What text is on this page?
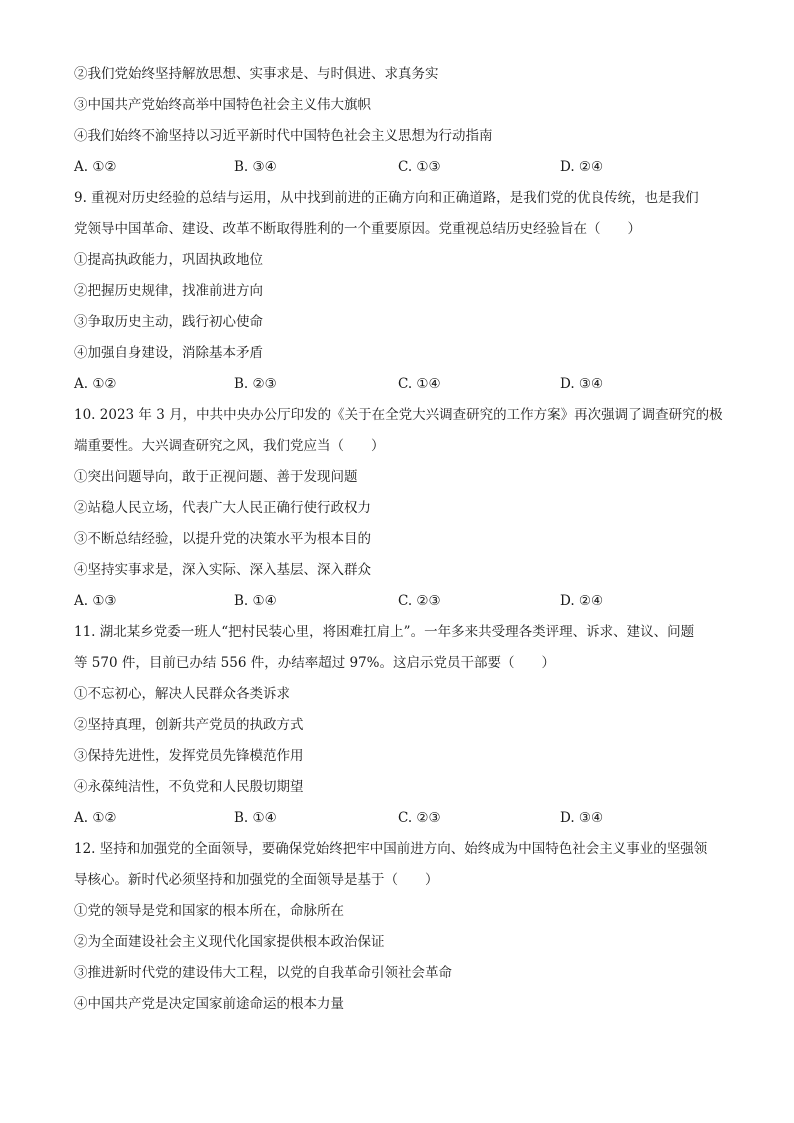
②我们党始终坚持解放思想、实事求是、与时俱进、求真务实
③中国共产党始终高举中国特色社会主义伟大旗帜
④我们始终不渝坚持以习近平新时代中国特色社会主义思想为行动指南
A. ①②	B. ③④	C. ①③	D. ②④
9. 重视对历史经验的总结与运用，从中找到前进的正确方向和正确道路，是我们党的优良传统，也是我们
党领导中国革命、建设、改革不断取得胜利的一个重要原因。党重视总结历史经验旨在（　　）
①提高执政能力，巩固执政地位
②把握历史规律，找准前进方向
③争取历史主动，践行初心使命
④加强自身建设，消除基本矛盾
A. ①②	B. ②③	C. ①④	D. ③④
10. 2023 年 3 月，中共中央办公厅印发的《关于在全党大兴调查研究的工作方案》再次强调了调查研究的极
端重要性。大兴调查研究之风，我们党应当（　　）
①突出问题导向，敢于正视问题、善于发现问题
②站稳人民立场，代表广大人民正确行使行政权力
③不断总结经验，以提升党的决策水平为根本目的
④坚持实事求是，深入实际、深入基层、深入群众
A. ①③	B. ①④	C. ②③	D. ②④
11. 湖北某乡党委一班人“把村民装心里，将困难扛肩上”。一年多来共受理各类评理、诉求、建议、问题
等 570 件，目前已办结 556 件，办结率超过 97%。这启示党员干部要（　　）
①不忘初心，解决人民群众各类诉求
②坚持真理，创新共产党员的执政方式
③保持先进性，发挥党员先锋模范作用
④永葆纯洁性，不负党和人民殷切期望
A. ①②	B. ①④	C. ②③	D. ③④
12. 坚持和加强党的全面领导，要确保党始终把牢中国前进方向、始终成为中国特色社会主义事业的坚强领
导核心。新时代必须坚持和加强党的全面领导是基于（　　）
①党的领导是党和国家的根本所在，命脉所在
②为全面建设社会主义现代化国家提供根本政治保证
③推进新时代党的建设伟大工程，以党的自我革命引领社会革命
④中国共产党是决定国家前途命运的根本力量
